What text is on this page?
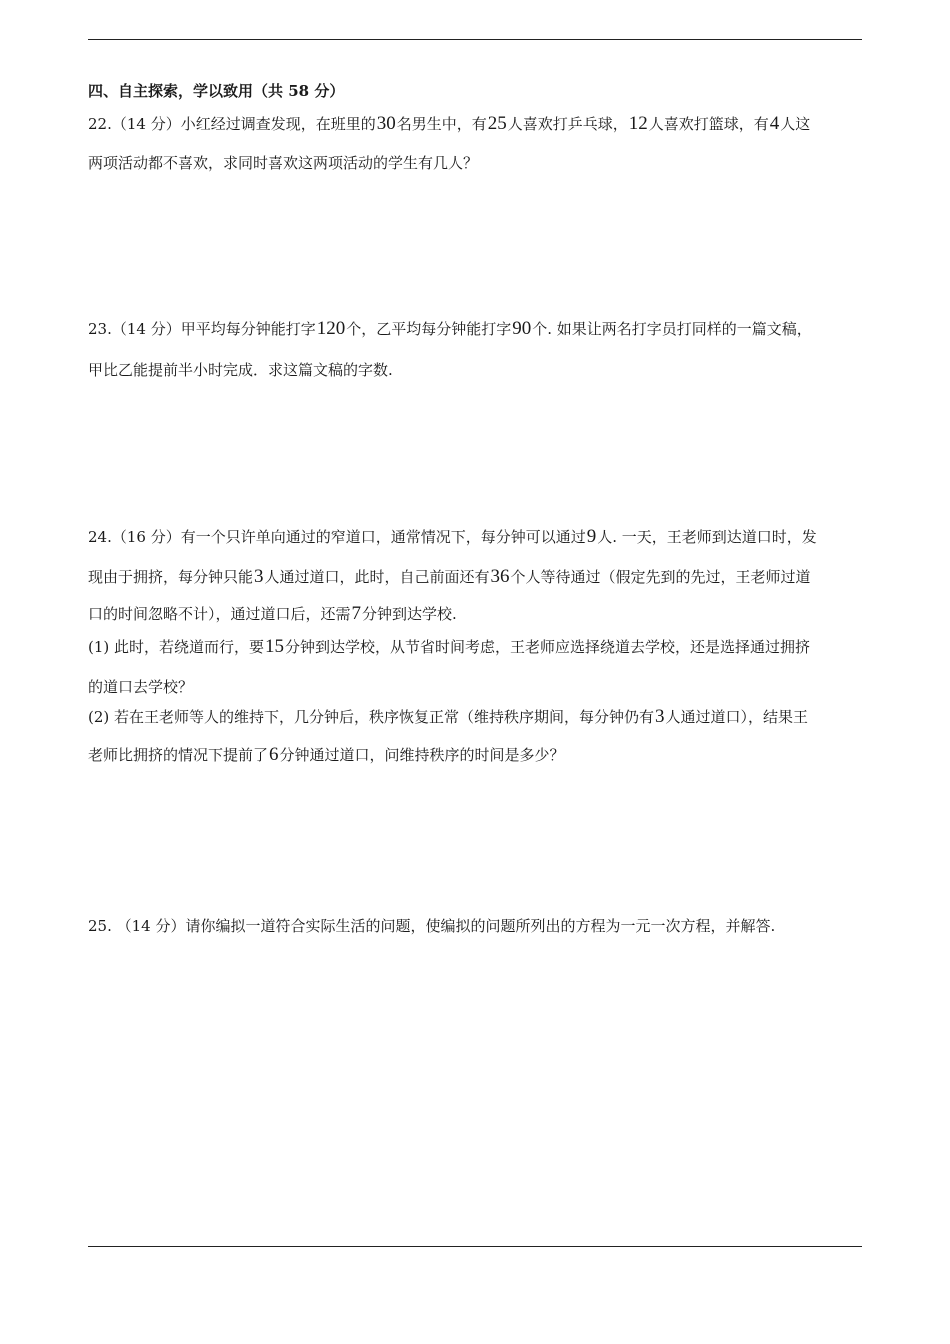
四、自主探索，学以致用（共 58 分）
22.（14 分）小红经过调查发现，在班里的30名男生中，有25人喜欢打乒乓球，12人喜欢打篮球，有4人这
两项活动都不喜欢，求同时喜欢这两项活动的学生有几人？
23.（14 分）甲平均每分钟能打字120个，乙平均每分钟能打字90个. 如果让两名打字员打同样的一篇文稿，
甲比乙能提前半小时完成．求这篇文稿的字数.
24.（16 分）有一个只许单向通过的窄道口，通常情况下，每分钟可以通过9人. 一天，王老师到达道口时，发
现由于拥挤，每分钟只能3人通过道口，此时，自己前面还有36个人等待通过（假定先到的先过，王老师过道
口的时间忽略不计），通过道口后，还需7分钟到达学校.
(1) 此时，若绕道而行，要15分钟到达学校，从节省时间考虑，王老师应选择绕道去学校，还是选择通过拥挤
的道口去学校？
(2) 若在王老师等人的维持下，几分钟后，秩序恢复正常（维持秩序期间，每分钟仍有3人通过道口），结果王
老师比拥挤的情况下提前了6分钟通过道口，问维持秩序的时间是多少？
25. （14 分）请你编拟一道符合实际生活的问题，使编拟的问题所列出的方程为一元一次方程，并解答.
